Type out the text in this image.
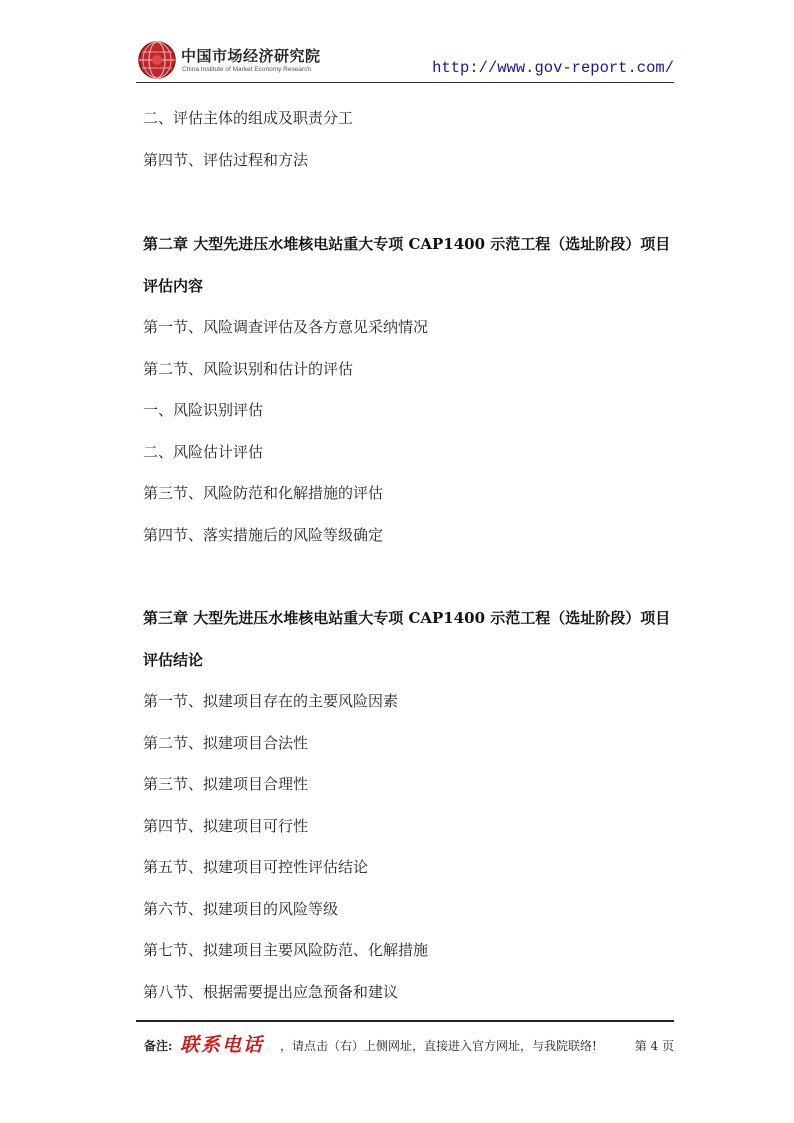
中国市场经济研究院
China Institute of Market Economy Research	http://www.gov-report.com/
二、评估主体的组成及职责分工
第四节、评估过程和方法
第二章 大型先进压水堆核电站重大专项 CAP1400 示范工程（选址阶段）项目
评估内容
第一节、风险调查评估及各方意见采纳情况
第二节、风险识别和估计的评估
一、风险识别评估
二、风险估计评估
第三节、风险防范和化解措施的评估
第四节、落实措施后的风险等级确定
第三章 大型先进压水堆核电站重大专项 CAP1400 示范工程（选址阶段）项目
评估结论
第一节、拟建项目存在的主要风险因素
第二节、拟建项目合法性
第三节、拟建项目合理性
第四节、拟建项目可行性
第五节、拟建项目可控性评估结论
第六节、拟建项目的风险等级
第七节、拟建项目主要风险防范、化解措施
第八节、根据需要提出应急预备和建议
备注: 联系电话 ，请点击（右）上侧网址，直接进入官方网址，与我院联络!	第 4 页
